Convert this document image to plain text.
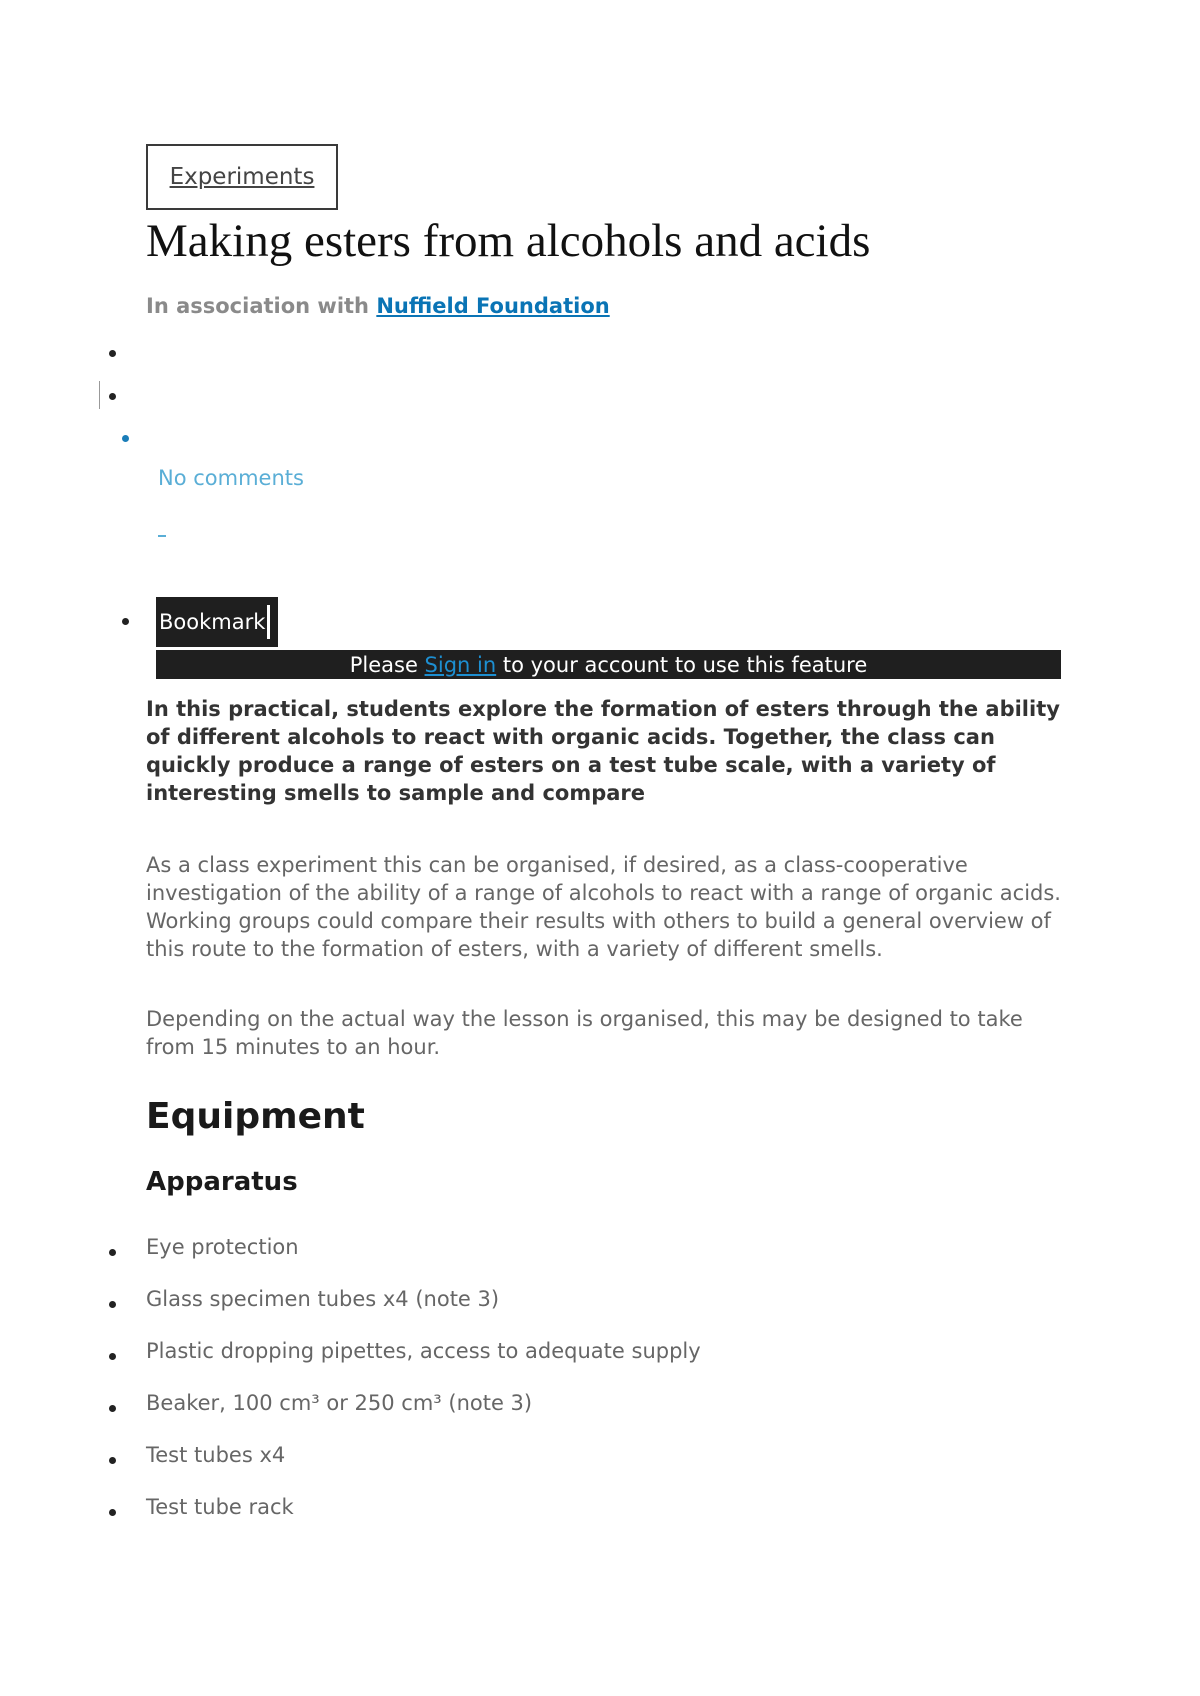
Experiments
Making esters from alcohols and acids
In association with Nuffield Foundation
No comments
Bookmark
Please Sign in to your account to use this feature

In this practical, students explore the formation of esters through the ability of different alcohols to react with organic acids. Together, the class can quickly produce a range of esters on a test tube scale, with a variety of interesting smells to sample and compare

As a class experiment this can be organised, if desired, as a class-cooperative investigation of the ability of a range of alcohols to react with a range of organic acids. Working groups could compare their results with others to build a general overview of this route to the formation of esters, with a variety of different smells.

Depending on the actual way the lesson is organised, this may be designed to take from 15 minutes to an hour.

Equipment
Apparatus
Eye protection
Glass specimen tubes x4 (note 3)
Plastic dropping pipettes, access to adequate supply
Beaker, 100 cm³ or 250 cm³ (note 3)
Test tubes x4
Test tube rack
